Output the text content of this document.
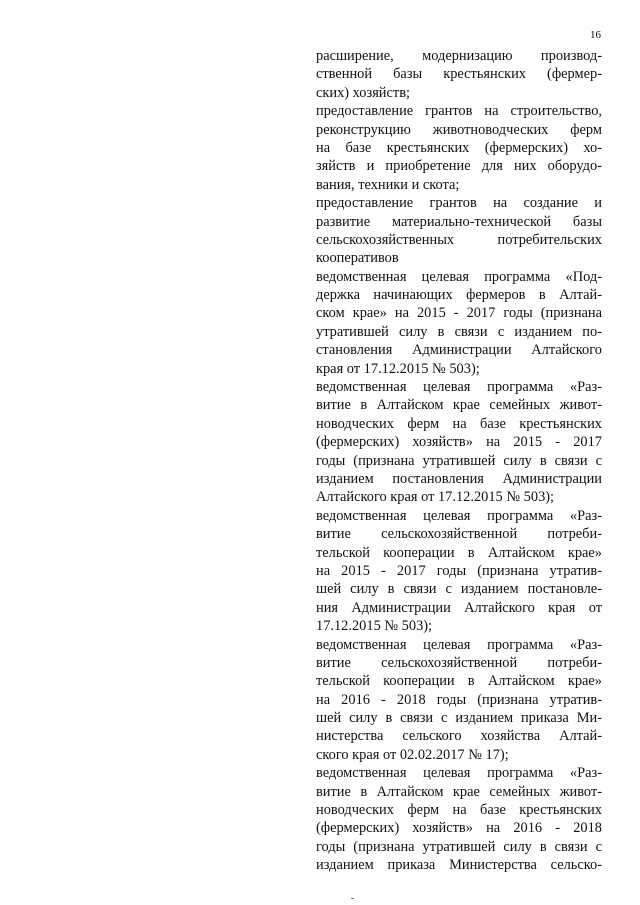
16
расширение, модернизацию производ-
ственной базы крестьянских (фермер-
ских) хозяйств;
предоставление грантов на строительство,
реконструкцию животноводческих ферм
на базе крестьянских (фермерских) хо-
зяйств и приобретение для них оборудо-
вания, техники и скота;
предоставление грантов на создание и
развитие материально-технической базы
сельскохозяйственных потребительских
кооперативов
ведомственная целевая программа «Под-
держка начинающих фермеров в Алтай-
ском крае» на 2015 - 2017 годы (признана
утратившей силу в связи с изданием по-
становления Администрации Алтайского
края от 17.12.2015 № 503);
ведомственная целевая программа «Раз-
витие в Алтайском крае семейных живот-
новодческих ферм на базе крестьянских
(фермерских) хозяйств» на 2015 - 2017
годы (признана утратившей силу в связи с
изданием постановления Администрации
Алтайского края от 17.12.2015 № 503);
ведомственная целевая программа «Раз-
витие сельскохозяйственной потреби-
тельской кооперации в Алтайском крае»
на 2015 - 2017 годы (признана утратив-
шей силу в связи с изданием постановле-
ния Администрации Алтайского края от
17.12.2015 № 503);
ведомственная целевая программа «Раз-
витие сельскохозяйственной потреби-
тельской кооперации в Алтайском крае»
на 2016 - 2018 годы (признана утратив-
шей силу в связи с изданием приказа Ми-
нистерства сельского хозяйства Алтай-
ского края от 02.02.2017 № 17);
ведомственная целевая программа «Раз-
витие в Алтайском крае семейных живот-
новодческих ферм на базе крестьянских
(фермерских) хозяйств» на 2016 - 2018
годы (признана утратившей силу в связи с
изданием приказа Министерства сельско-
